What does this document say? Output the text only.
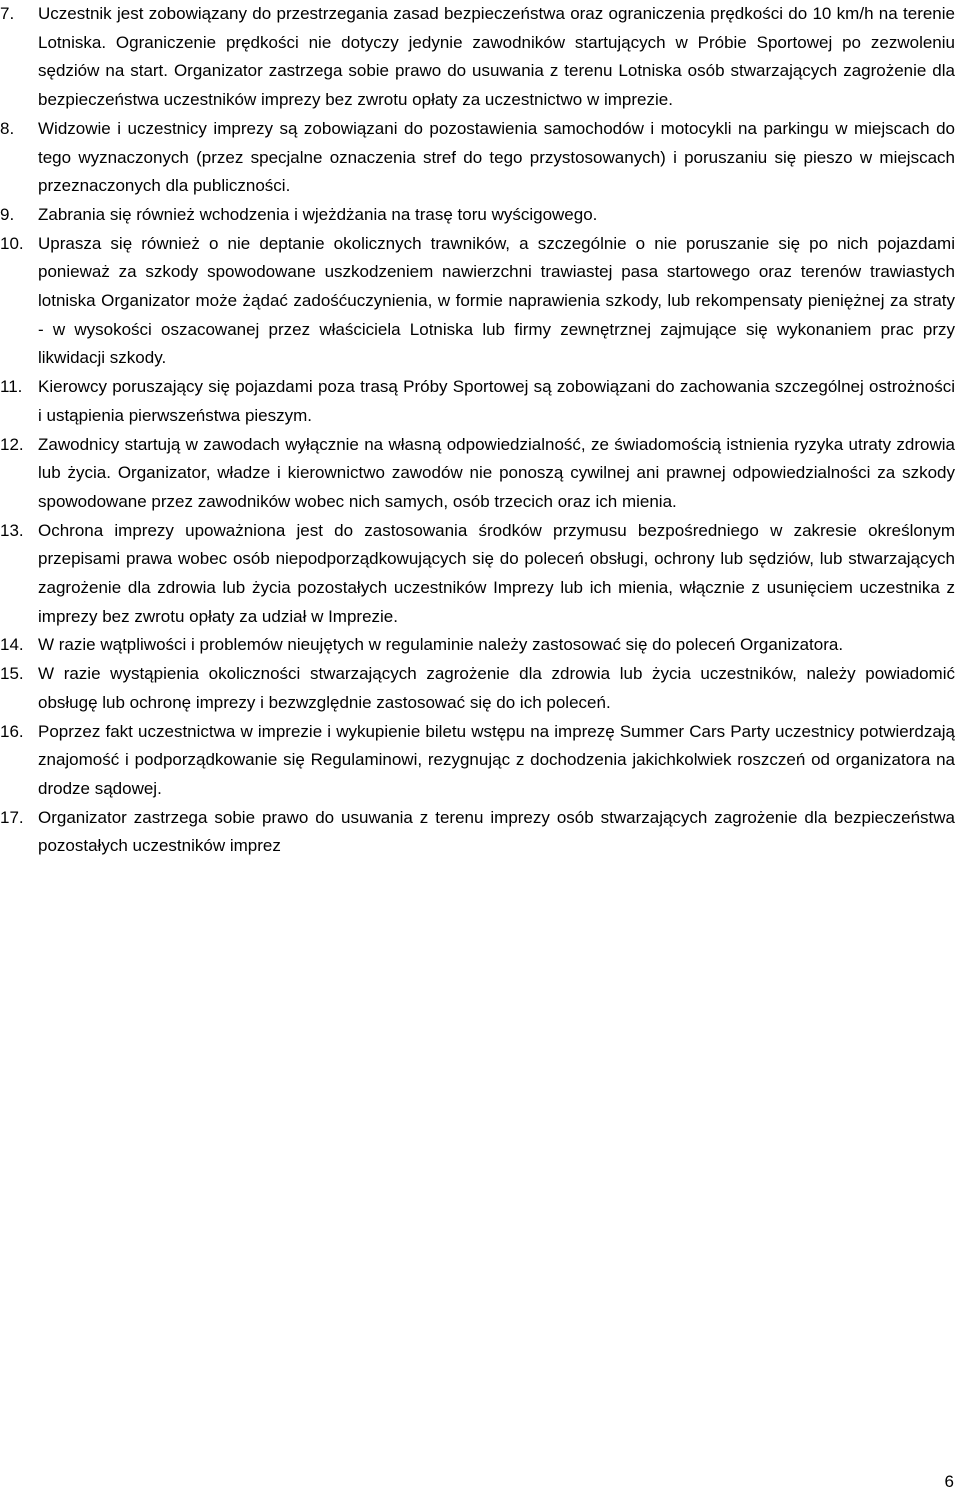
7.	Uczestnik jest zobowiązany do przestrzegania zasad bezpieczeństwa oraz ograniczenia prędkości do 10 km/h na terenie Lotniska. Ograniczenie prędkości nie dotyczy jedynie zawodników startujących w Próbie Sportowej po zezwoleniu sędziów na start. Organizator zastrzega sobie prawo do usuwania z terenu Lotniska osób stwarzających zagrożenie dla bezpieczeństwa uczestników imprezy bez zwrotu opłaty za uczestnictwo w imprezie.
8.	Widzowie i uczestnicy imprezy są zobowiązani do pozostawienia samochodów i motocykli na parkingu w miejscach do tego wyznaczonych (przez specjalne oznaczenia stref do tego przystosowanych) i poruszaniu się pieszo w miejscach przeznaczonych dla publiczności.
9.	Zabrania się również wchodzenia i wjeżdżania na trasę toru wyścigowego.
10. Uprasza się również o nie deptanie okolicznych trawników, a szczególnie o nie poruszanie się po nich pojazdami ponieważ za szkody spowodowane uszkodzeniem nawierzchni trawiastej pasa startowego oraz terenów trawiastych lotniska Organizator może żądać zadośćuczynienia, w formie naprawienia szkody, lub rekompensaty pieniężnej za straty - w wysokości oszacowanej przez właściciela Lotniska lub firmy zewnętrznej zajmujące się wykonaniem prac przy likwidacji szkody.
11. Kierowcy poruszający się pojazdami poza trasą Próby Sportowej są zobowiązani do zachowania szczególnej ostrożności i ustąpienia pierwszeństwa pieszym.
12. Zawodnicy startują w zawodach wyłącznie na własną odpowiedzialność, ze świadomością istnienia ryzyka utraty zdrowia lub życia. Organizator, władze i kierownictwo zawodów nie ponoszą cywilnej ani prawnej odpowiedzialności za szkody spowodowane przez zawodników wobec nich samych, osób trzecich oraz ich mienia.
13. Ochrona imprezy upoważniona jest do zastosowania środków przymusu bezpośredniego w zakresie określonym przepisami prawa wobec osób niepodporządkowujących się do poleceń obsługi, ochrony lub sędziów, lub stwarzających zagrożenie dla zdrowia lub życia pozostałych uczestników Imprezy lub ich mienia, włącznie z usunięciem uczestnika z imprezy bez zwrotu opłaty za udział w Imprezie.
14. W razie wątpliwości i problemów nieujętych w regulaminie należy zastosować się do poleceń Organizatora.
15. W razie wystąpienia okoliczności stwarzających zagrożenie dla zdrowia lub życia uczestników, należy powiadomić obsługę lub ochronę imprezy i bezwzględnie zastosować się do ich poleceń.
16. Poprzez fakt uczestnictwa w imprezie i wykupienie biletu wstępu na imprezę Summer Cars Party uczestnicy potwierdzają znajomość i podporządkowanie się Regulaminowi, rezygnując z dochodzenia jakichkolwiek roszczeń od organizatora na drodze sądowej.
17. Organizator zastrzega sobie prawo do usuwania z terenu imprezy osób stwarzających zagrożenie dla bezpieczeństwa pozostałych uczestników imprez
6
